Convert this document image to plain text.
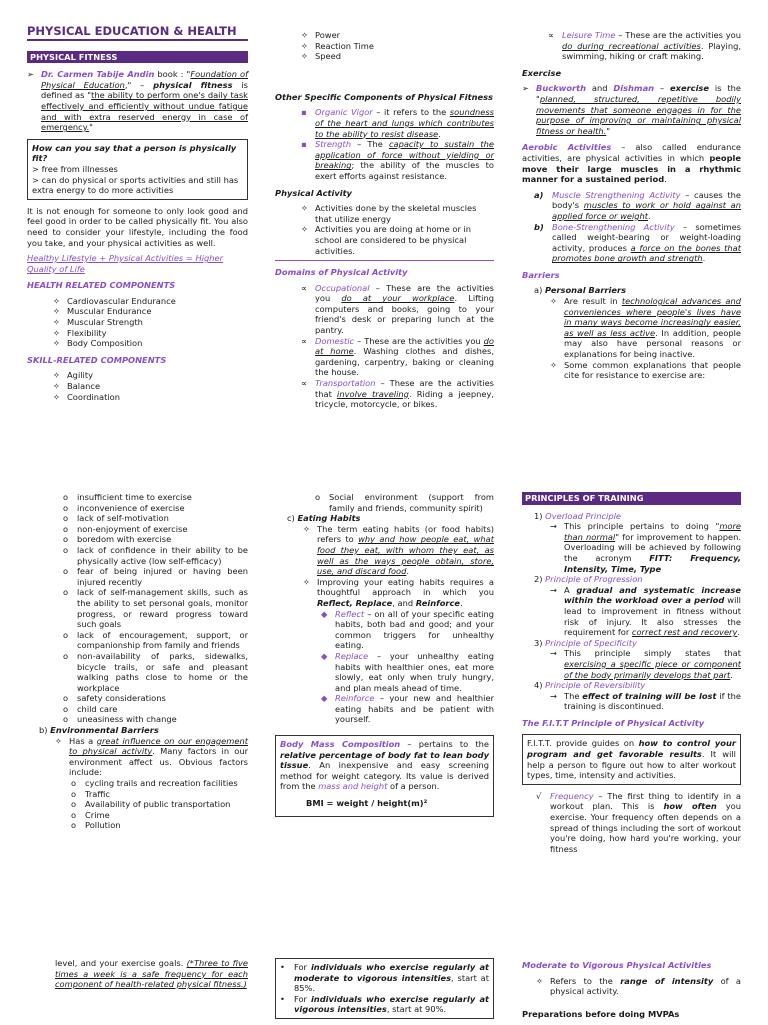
PHYSICAL EDUCATION & HEALTH
PHYSICAL FITNESS
➢ Dr. Carmen Tabije Andin book : "Foundation of Physical Education," – physical fitness is defined as "the ability to perform one's daily task effectively and efficiently without undue fatigue and with extra reserved energy in case of emergency."
How can you say that a person is physically fit?
> free from illnesses
> can do physical or sports activities and still has extra energy to do more activities

It is not enough for someone to only look good and feel good in order to be called physically fit. You also need to consider your lifestyle, including the food you take, and your physical activities as well.

Healthy Lifestyle + Physical Activities = Higher Quality of Life

HEALTH RELATED COMPONENTS
✧ Cardiovascular Endurance
✧ Muscular Endurance
✧ Muscular Strength
✧ Flexibility
✧ Body Composition
SKILL-RELATED COMPONENTS
✧ Agility
✧ Balance
✧ Coordination
✧ Power
✧ Reaction Time
✧ Speed
Other Specific Components of Physical Fitness
▪ Organic Vigor – it refers to the soundness of the heart and lungs which contributes to the ability to resist disease.
▪ Strength – The capacity to sustain the application of force without yielding or breaking; the ability of the muscles to exert efforts against resistance.
Physical Activity
✧ Activities done by the skeletal muscles that utilize energy
✧ Activities you are doing at home or in school are considered to be physical activities.
Domains of Physical Activity
∝ Occupational – These are the activities you do at your workplace. Lifting computers and books, going to your friend's desk or preparing lunch at the pantry.
∝ Domestic – These are the activities you do at home. Washing clothes and dishes, gardening, carpentry, baking or cleaning the house.
∝ Transportation – These are the activities that involve traveling. Riding a jeepney, tricycle, motorcycle, or bikes.
∝ Leisure Time – These are the activities you do during recreational activities. Playing, swimming, hiking or craft making.
Exercise
➢ Buckworth and Dishman – exercise is the "planned, structured, repetitive bodily movements that someone engages in for the purpose of improving or maintaining physical fitness or health."

Aerobic Activities – also called endurance activities, are physical activities in which people move their large muscles in a rhythmic manner for a sustained period.

a) Muscle Strengthening Activity – causes the body's muscles to work or hold against an applied force or weight.
b) Bone-Strengthening Activity – sometimes called weight-bearing or weight-loading activity, produces a force on the bones that promotes bone growth and strength.
Barriers
a) Personal Barriers
✧ Are result in technological advances and conveniences where people's lives have in many ways become increasingly easier, as well as less active. In addition, people may also have personal reasons or explanations for being inactive.
✧ Some common explanations that people cite for resistance to exercise are:
o insufficient time to exercise
o inconvenience of exercise
o lack of self-motivation
o non-enjoyment of exercise
o boredom with exercise
o lack of confidence in their ability to be physically active (low self-efficacy)
o fear of being injured or having been injured recently
o lack of self-management skills, such as the ability to set personal goals, monitor progress, or reward progress toward such goals
o lack of encouragement, support, or companionship from family and friends
o non-availability of parks, sidewalks, bicycle trails, or safe and pleasant walking paths close to home or the workplace
o safety considerations
o child care
o uneasiness with change
b) Environmental Barriers
✧ Has a great influence on our engagement to physical activity. Many factors in our environment affect us. Obvious factors include:
o cycling trails and recreation facilities
o Traffic
o Availability of public transportation
o Crime
o Pollution
o Social environment (support from family and friends, community spirit)
c) Eating Habits
✧ The term eating habits (or food habits) refers to why and how people eat, what food they eat, with whom they eat, as well as the ways people obtain, store, use, and discard food.
✧ Improving your eating habits requires a thoughtful approach in which you Reflect, Replace, and Reinforce.
◆ Reflect – on all of your specific eating habits, both bad and good; and your common triggers for unhealthy eating.
◆ Replace – your unhealthy eating habits with healthier ones, eat more slowly, eat only when truly hungry, and plan meals ahead of time.
◆ Reinforce – your new and healthier eating habits and be patient with yourself.
Body Mass Composition – pertains to the relative percentage of body fat to lean body tissue. An inexpensive and easy screening method for weight category. Its value is derived from the mass and height of a person.
BMI = weight / height(m)²
PRINCIPLES OF TRAINING
1) Overload Principle
→ This principle pertains to doing "more than normal" for improvement to happen. Overloading will be achieved by following the acronym FITT: Frequency, Intensity, Time, Type
2) Principle of Progression
→ A gradual and systematic increase within the workload over a period will lead to improvement in fitness without risk of injury. It also stresses the requirement for correct rest and recovery.
3) Principle of Specificity
→ This principle simply states that exercising a specific piece or component of the body primarily develops that part.
4) Principle of Reversibility
→ The effect of training will be lost if the training is discontinued.
The F.I.T.T Principle of Physical Activity
F.I.T.T. provide guides on how to control your program and get favorable results. It will help a person to figure out how to alter workout types, time, intensity and activities.
√ Frequency – The first thing to identify in a workout plan. This is how often you exercise. Your frequency often depends on a spread of things including the sort of workout you're doing, how hard you're working, your fitness

level, and your exercise goals. (*Three to five times a week is a safe frequency for each component of health-related physical fitness.)

• For individuals who exercise regularly at moderate to vigorous intensities, start at 85%.
• For individuals who exercise regularly at vigorous intensities, start at 90%.
Moderate to Vigorous Physical Activities
✧ Refers to the range of intensity of a physical activity.
Preparations before doing MVPAs
